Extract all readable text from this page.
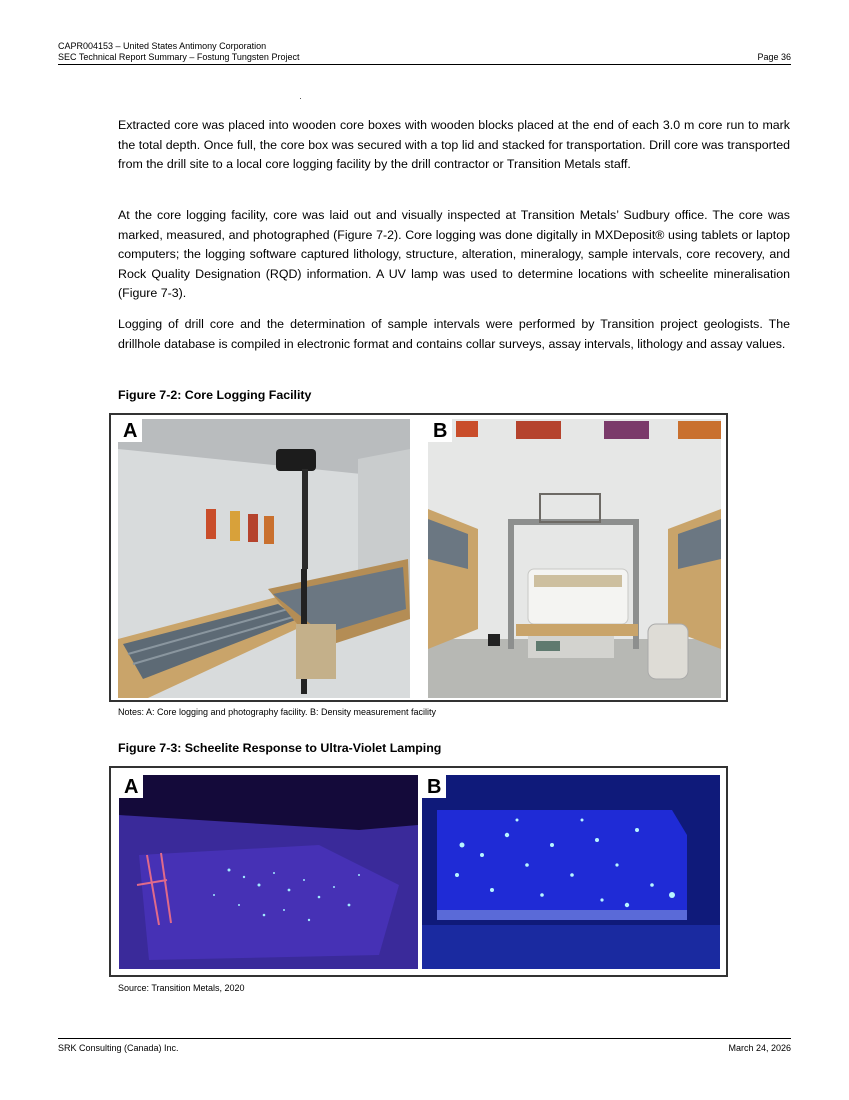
CAPR004153 – United States Antimony Corporation
SEC Technical Report Summary – Fostung Tungsten Project	Page 36

Extracted core was placed into wooden core boxes with wooden blocks placed at the end of each 3.0 m core run to mark the total depth. Once full, the core box was secured with a top lid and stacked for transportation. Drill core was transported from the drill site to a local core logging facility by the drill contractor or Transition Metals staff.

At the core logging facility, core was laid out and visually inspected at Transition Metals’ Sudbury office. The core was marked, measured, and photographed (Figure 7-2). Core logging was done digitally in MXDeposit® using tablets or laptop computers; the logging software captured lithology, structure, alteration, mineralogy, sample intervals, core recovery, and Rock Quality Designation (RQD) information. A UV lamp was used to determine locations with scheelite mineralisation (Figure 7-3).

Logging of drill core and the determination of sample intervals were performed by Transition project geologists. The drillhole database is compiled in electronic format and contains collar surveys, assay intervals, lithology and assay values.

Figure 7-2: Core Logging Facility

A	B

Notes: A: Core logging and photography facility. B: Density measurement facility

Figure 7-3: Scheelite Response to Ultra-Violet Lamping

A	B

Source: Transition Metals, 2020

SRK Consulting (Canada) Inc.	March 24, 2026
